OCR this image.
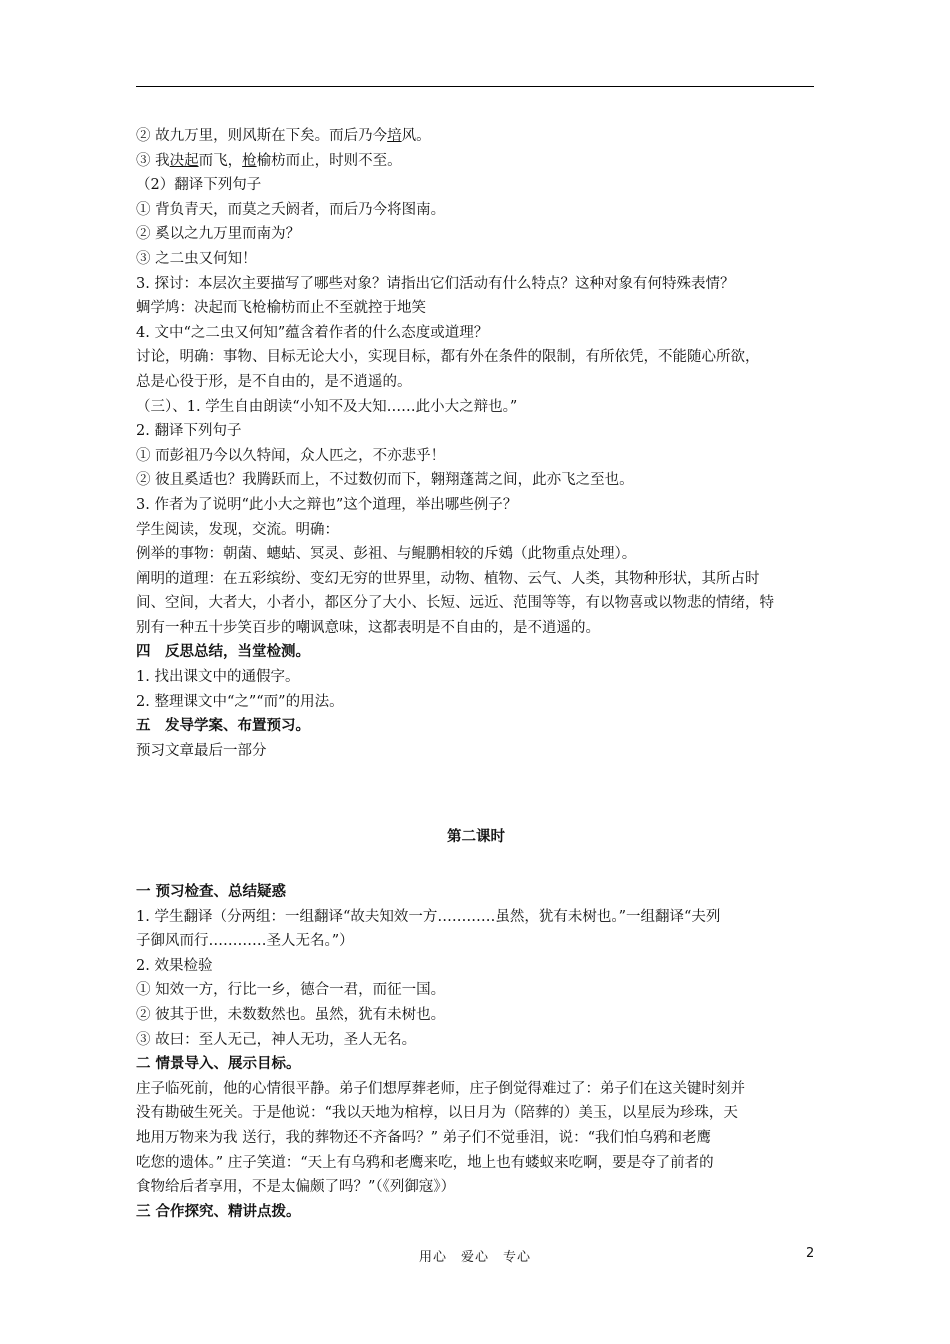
② 故九万里，则风斯在下矣。而后乃今培风。
③ 我决起而飞，枪榆枋而止，时则不至。
（2）翻译下列句子
① 背负青天，而莫之夭阏者，而后乃今将图南。
② 奚以之九万里而南为？
③ 之二虫又何知！
3. 探讨：本层次主要描写了哪些对象？请指出它们活动有什么特点？这种对象有何特殊表情？
蜩学鸠：决起而飞枪榆枋而止不至就控于地笑
4. 文中“之二虫又何知”蕴含着作者的什么态度或道理？
讨论，明确：事物、目标无论大小，实现目标，都有外在条件的限制，有所依凭，不能随心所欲，
总是心役于形，是不自由的，是不逍遥的。
（三）、1. 学生自由朗读“小知不及大知……此小大之辩也。”
2. 翻译下列句子
① 而彭祖乃今以久特闻，众人匹之，不亦悲乎！
② 彼且奚适也？我腾跃而上，不过数仞而下，翱翔蓬蒿之间，此亦飞之至也。
3. 作者为了说明“此小大之辩也”这个道理，举出哪些例子？
学生阅读，发现，交流。明确：
例举的事物：朝菌、蟪蛄、冥灵、彭祖、与鲲鹏相较的斥鴳（此物重点处理）。
阐明的道理：在五彩缤纷、变幻无穷的世界里，动物、植物、云气、人类，其物种形状，其所占时
间、空间，大者大，小者小，都区分了大小、长短、远近、范围等等，有以物喜或以物悲的情绪，特
别有一种五十步笑百步的嘲讽意味，这都表明是不自由的，是不逍遥的。
四　反思总结，当堂检测。
1. 找出课文中的通假字。
2. 整理课文中“之”“而”的用法。
五　发导学案、布置预习。
预习文章最后一部分
第二课时
一 预习检查、总结疑惑
1. 学生翻译（分两组：一组翻译“故夫知效一方…………虽然，犹有未树也。”一组翻译“夫列
子御风而行…………圣人无名。”）
2. 效果检验
① 知效一方，行比一乡，德合一君，而征一国。
② 彼其于世，未数数然也。虽然，犹有未树也。
③ 故曰：至人无己，神人无功，圣人无名。
二 情景导入、展示目标。
庄子临死前，他的心情很平静。弟子们想厚葬老师，庄子倒觉得难过了：弟子们在这关键时刻并
没有勘破生死关。于是他说：“我以天地为棺椁，以日月为（陪葬的）美玉，以星辰为珍珠，天
地用万物来为我 送行，我的葬物还不齐备吗？” 弟子们不觉垂泪，说：“我们怕乌鸦和老鹰
吃您的遗体。” 庄子笑道：“天上有乌鸦和老鹰来吃，地上也有蝼蚁来吃啊，要是夺了前者的
食物给后者享用，不是太偏颇了吗？”（《列御寇》）
三 合作探究、精讲点拨。
用心　爱心　专心	2
